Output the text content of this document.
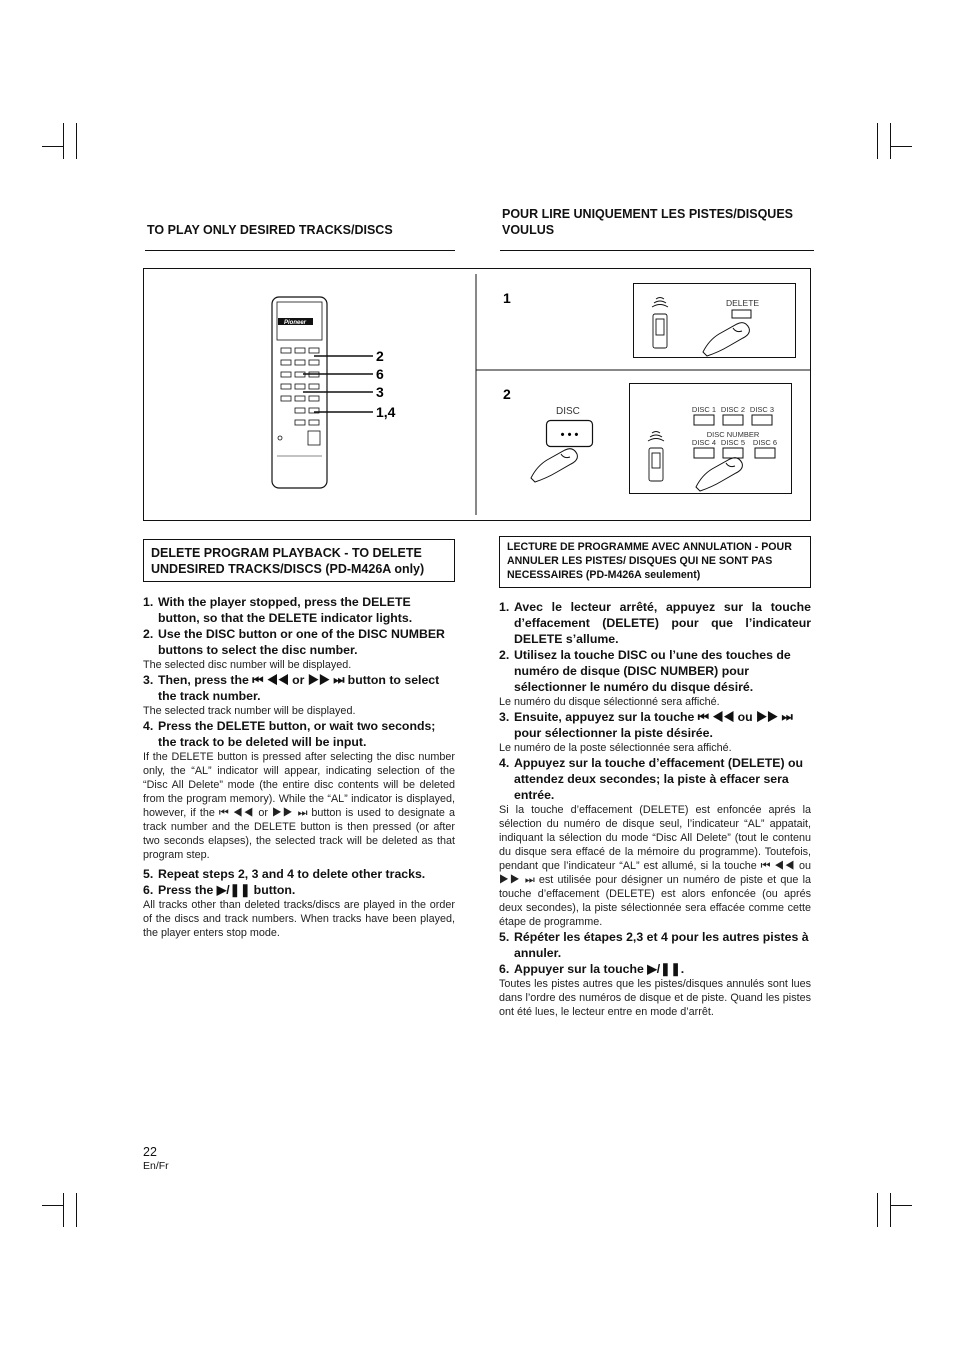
TO PLAY ONLY DESIRED TRACKS/DISCS
POUR LIRE UNIQUEMENT LES PISTES/DISQUES VOULUS
Pioneer
2
6
3
1,4
1	DELETE
2
DISC
• • •
DISC 1 DISC 2 DISC 3
DISC NUMBER
DISC 4 DISC 5 DISC 6
DELETE PROGRAM PLAYBACK - TO DELETE UNDESIRED TRACKS/DISCS (PD-M426A only)
1. With the player stopped, press the DELETE button, so that the DELETE indicator lights.
2. Use the DISC button or one of the DISC NUMBER buttons to select the disc number.

The selected disc number will be displayed.

3. Then, press the ⏮ ◀◀ or ▶▶ ⏭ button to select the track number.

The selected track number will be displayed.

4. Press the DELETE button, or wait two seconds; the track to be deleted will be input.

If the DELETE button is pressed after selecting the disc number only, the “AL” indicator will appear, indicating selection of the “Disc All Delete” mode (the entire disc contents will be deleted from the program memory). While the “AL” indicator is displayed, however, if the ⏮ ◀◀ or ▶▶ ⏭ button is used to designate a track number and the DELETE button is then pressed (or after two seconds elapses), the selected track will be deleted as that program step.

5. Repeat steps 2, 3 and 4 to delete other tracks.
6. Press the ▶/❚❚ button.

All tracks other than deleted tracks/discs are played in the order of the discs and track numbers. When tracks have been played, the player enters stop mode.

LECTURE DE PROGRAMME AVEC ANNULATION - POUR ANNULER LES PISTES/ DISQUES QUI NE SONT PAS NECESSAIRES (PD-M426A seulement)
1. Avec le lecteur arrêté, appuyez sur la touche d’effacement (DELETE) pour que l’indicateur DELETE s’allume.
2. Utilisez la touche DISC ou l’une des touches de numéro de disque (DISC NUMBER) pour sélectionner le numéro du disque désiré.

Le numéro du disque sélectionné sera affiché.

3. Ensuite, appuyez sur la touche ⏮ ◀◀ ou ▶▶ ⏭ pour sélectionner la piste désirée.

Le numéro de la poste sélectionnée sera affiché.

4. Appuyez sur la touche d’effacement (DELETE) ou attendez deux secondes; la piste à effacer sera entrée.

Si la touche d’effacement (DELETE) est enfoncée aprés la sélection du numéro de disque seul, l’indicateur “AL” appatait, indiquant la sélection du mode “Disc All Delete” (tout le contenu du disque sera effacé de la mémoire du programme). Toutefois, pendant que l’indicateur “AL” est allumé, si la touche ⏮ ◀◀ ou ▶▶ ⏭ est utilisée pour désigner un numéro de piste et que la touche d’effacement (DELETE) est alors enfoncée (ou aprés deux secondes), la piste sélectionnée sera effacée comme cette étape de programme.

5. Répéter les étapes 2,3 et 4 pour les autres pistes à annuler.
6. Appuyer sur la touche ▶/❚❚.

Toutes les pistes autres que les pistes/disques annulés sont lues dans l’ordre des numéros de disque et de piste. Quand les pistes ont été lues, le lecteur entre en mode d’arrêt.

22
En/Fr
